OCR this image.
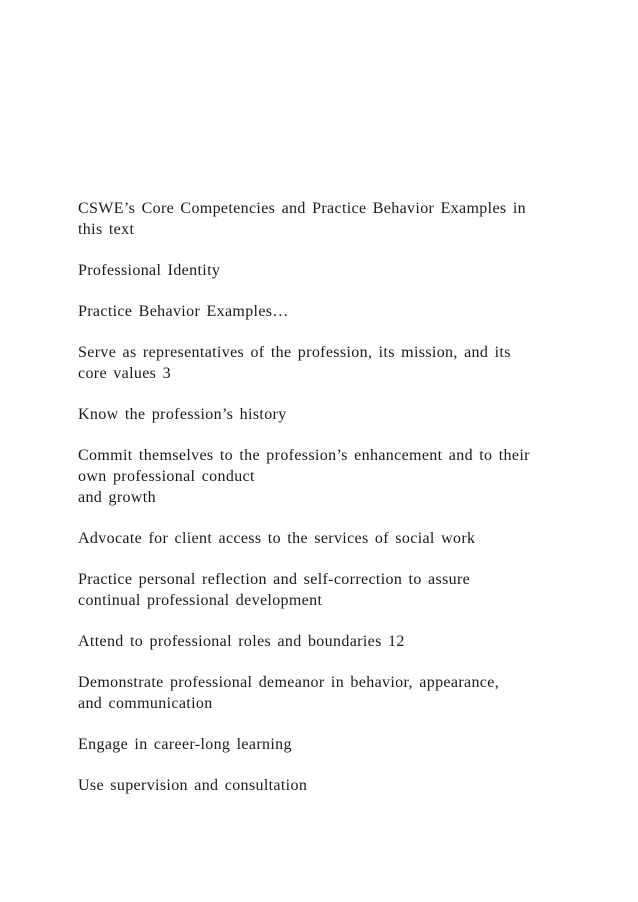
CSWE’s Core Competencies and Practice Behavior Examples in
this text

Professional Identity

Practice Behavior Examples…

Serve as representatives of the profession, its mission, and its
core values 3

Know the profession’s history

Commit themselves to the profession’s enhancement and to their
own professional conduct
and growth

Advocate for client access to the services of social work

Practice personal reflection and self-correction to assure
continual professional development

Attend to professional roles and boundaries 12

Demonstrate professional demeanor in behavior, appearance,
and communication

Engage in career-long learning

Use supervision and consultation
